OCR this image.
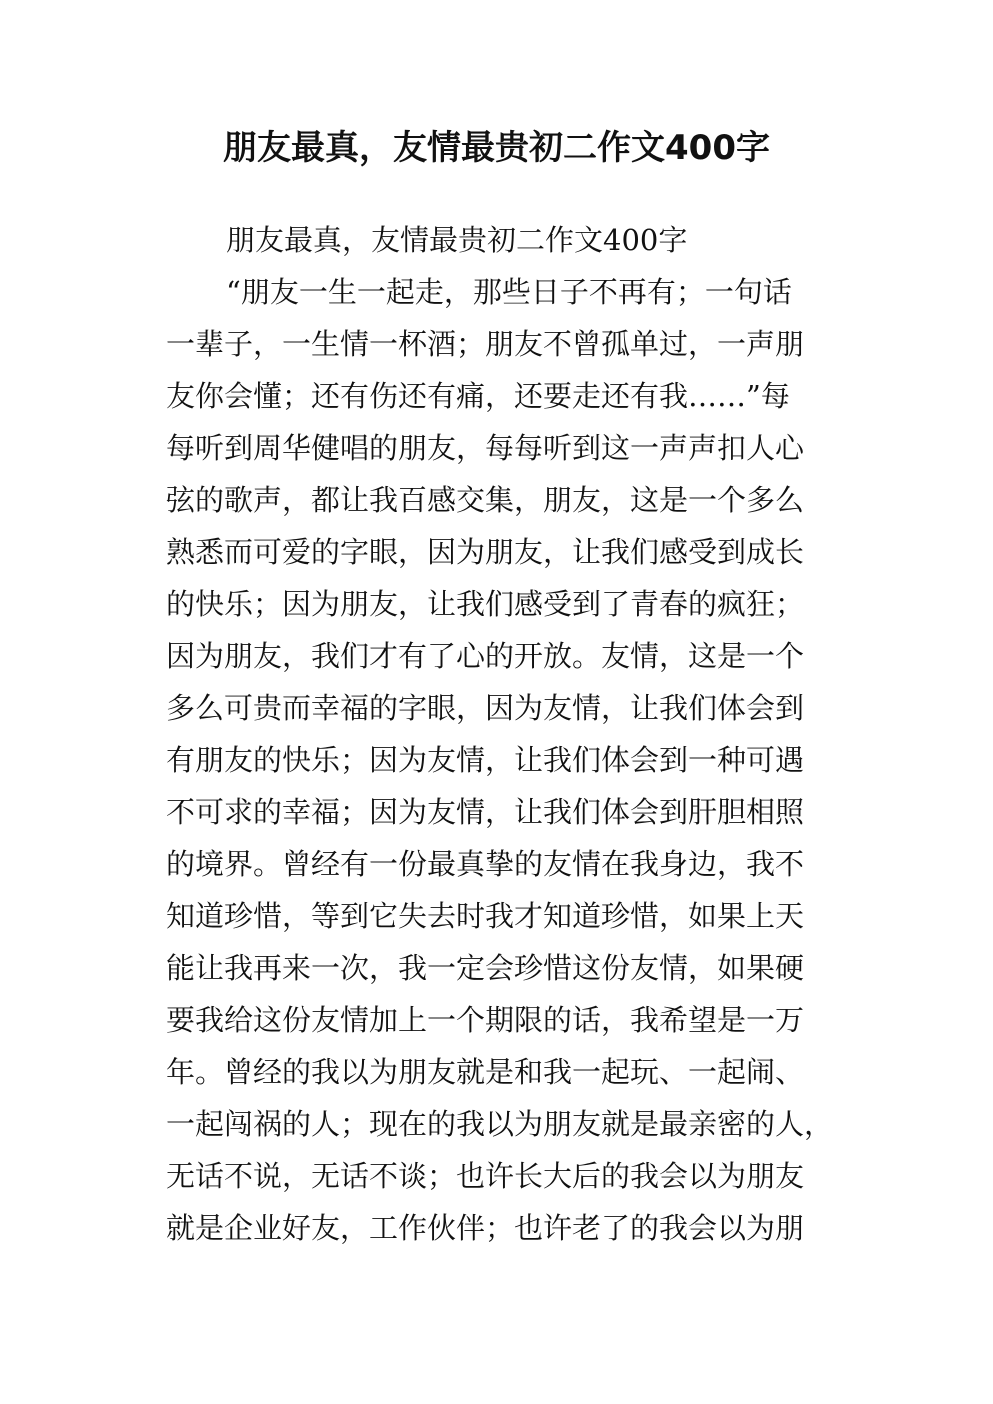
朋友最真，友情最贵初二作文400字
朋友最真，友情最贵初二作文400字
“朋友一生一起走，那些日子不再有；一句话
一辈子，一生情一杯酒；朋友不曾孤单过，一声朋
友你会懂；还有伤还有痛，还要走还有我……”每
每听到周华健唱的朋友，每每听到这一声声扣人心
弦的歌声，都让我百感交集，朋友，这是一个多么
熟悉而可爱的字眼，因为朋友，让我们感受到成长
的快乐；因为朋友，让我们感受到了青春的疯狂；
因为朋友，我们才有了心的开放。友情，这是一个
多么可贵而幸福的字眼，因为友情，让我们体会到
有朋友的快乐；因为友情，让我们体会到一种可遇
不可求的幸福；因为友情，让我们体会到肝胆相照
的境界。曾经有一份最真挚的友情在我身边，我不
知道珍惜，等到它失去时我才知道珍惜，如果上天
能让我再来一次，我一定会珍惜这份友情，如果硬
要我给这份友情加上一个期限的话，我希望是一万
年。曾经的我以为朋友就是和我一起玩、一起闹、
一起闯祸的人；现在的我以为朋友就是最亲密的人，
无话不说，无话不谈；也许长大后的我会以为朋友
就是企业好友，工作伙伴；也许老了的我会以为朋
